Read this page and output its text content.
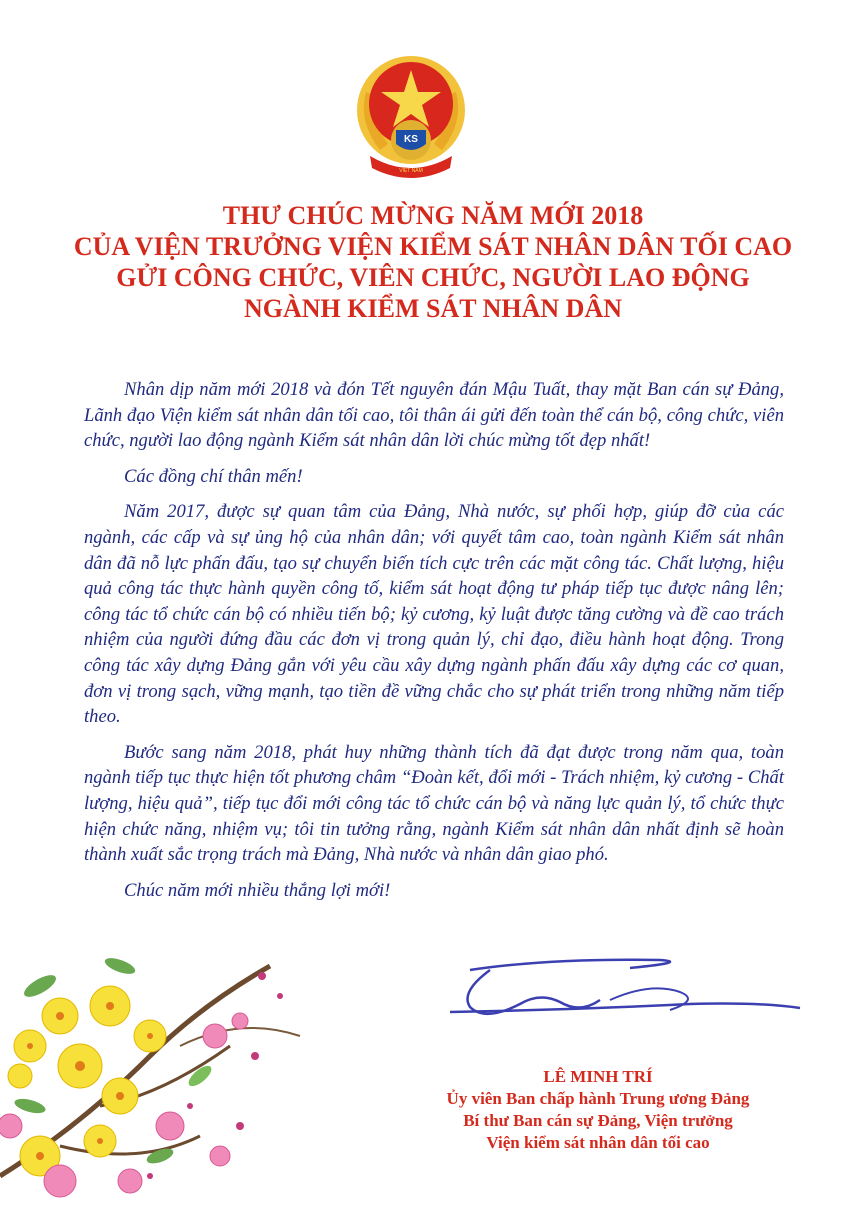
KS
VIỆT NAM
THƯ CHÚC MỪNG NĂM MỚI 2018
CỦA VIỆN TRƯỞNG VIỆN KIỂM SÁT NHÂN DÂN TỐI CAO
GỬI CÔNG CHỨC, VIÊN CHỨC, NGƯỜI LAO ĐỘNG
NGÀNH KIỂM SÁT NHÂN DÂN

Nhân dịp năm mới 2018 và đón Tết nguyên đán Mậu Tuất, thay mặt Ban cán sự Đảng, Lãnh đạo Viện kiểm sát nhân dân tối cao, tôi thân ái gửi đến toàn thể cán bộ, công chức, viên chức, người lao động ngành Kiểm sát nhân dân lời chúc mừng tốt đẹp nhất!

Các đồng chí thân mến!

Năm 2017, được sự quan tâm của Đảng, Nhà nước, sự phối hợp, giúp đỡ của các ngành, các cấp và sự ủng hộ của nhân dân; với quyết tâm cao, toàn ngành Kiểm sát nhân dân đã nỗ lực phấn đấu, tạo sự chuyển biến tích cực trên các mặt công tác. Chất lượng, hiệu quả công tác thực hành quyền công tố, kiểm sát hoạt động tư pháp tiếp tục được nâng lên; công tác tổ chức cán bộ có nhiều tiến bộ; kỷ cương, kỷ luật được tăng cường và đề cao trách nhiệm của người đứng đầu các đơn vị trong quản lý, chỉ đạo, điều hành hoạt động. Trong công tác xây dựng Đảng gắn với yêu cầu xây dựng ngành phấn đấu xây dựng các cơ quan, đơn vị trong sạch, vững mạnh, tạo tiền đề vững chắc cho sự phát triển trong những năm tiếp theo.

Bước sang năm 2018, phát huy những thành tích đã đạt được trong năm qua, toàn ngành tiếp tục thực hiện tốt phương châm “Đoàn kết, đổi mới - Trách nhiệm, kỷ cương - Chất lượng, hiệu quả”, tiếp tục đổi mới công tác tổ chức cán bộ và năng lực quản lý, tổ chức thực hiện chức năng, nhiệm vụ; tôi tin tưởng rằng, ngành Kiểm sát nhân dân nhất định sẽ hoàn thành xuất sắc trọng trách mà Đảng, Nhà nước và nhân dân giao phó.

Chúc năm mới nhiều thắng lợi mới!

LÊ MINH TRÍ
Ủy viên Ban chấp hành Trung ương Đảng
Bí thư Ban cán sự Đảng, Viện trưởng
Viện kiểm sát nhân dân tối cao
